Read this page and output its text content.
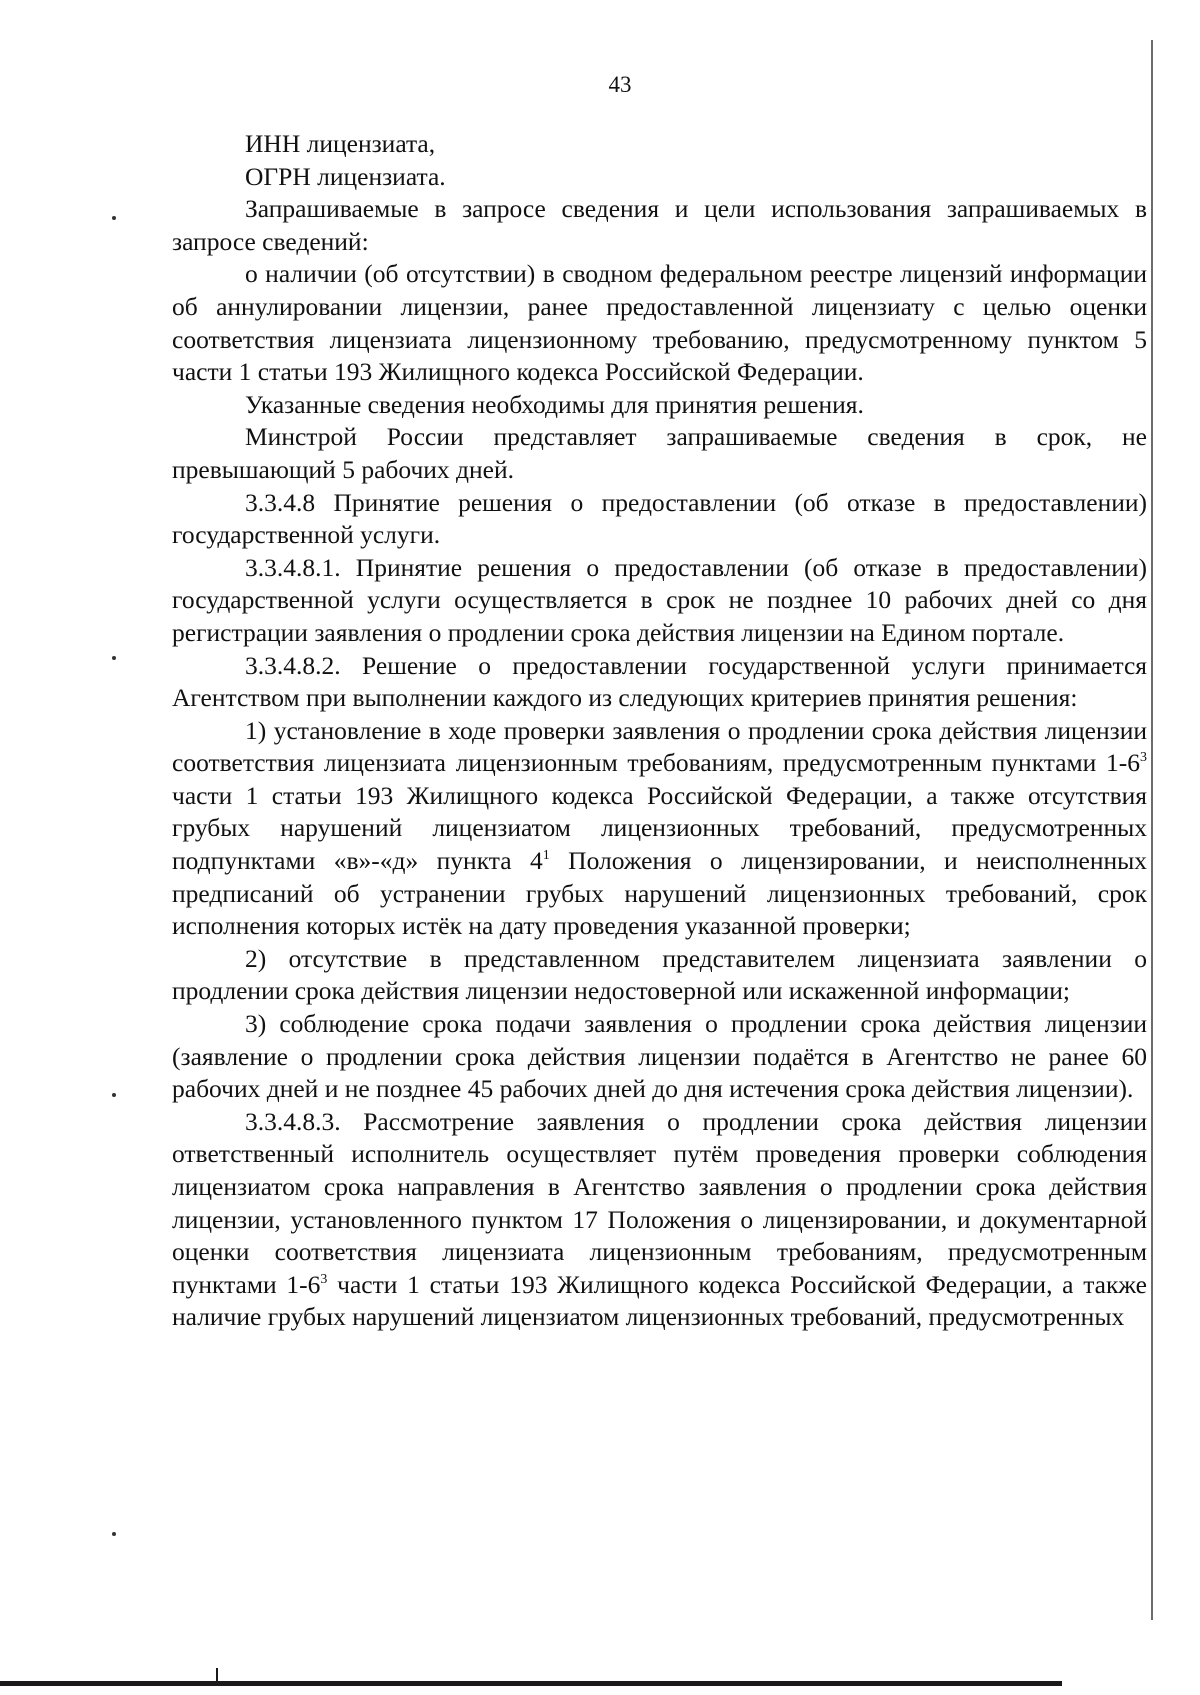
43

ИНН лицензиата,

ОГРН лицензиата.

Запрашиваемые в запросе сведения и цели использования запрашиваемых в запросе сведений:

о наличии (об отсутствии) в сводном федеральном реестре лицензий информации об аннулировании лицензии, ранее предоставленной лицензиату с целью оценки соответствия лицензиата лицензионному требованию, предусмотренному пунктом 5 части 1 статьи 193 Жилищного кодекса Российской Федерации.

Указанные сведения необходимы для принятия решения.

Минстрой России представляет запрашиваемые сведения в срок, не превышающий 5 рабочих дней.

3.3.4.8 Принятие решения о предоставлении (об отказе в предоставлении) государственной услуги.

3.3.4.8.1. Принятие решения о предоставлении (об отказе в предоставлении) государственной услуги осуществляется в срок не позднее 10 рабочих дней со дня регистрации заявления о продлении срока действия лицензии на Едином портале.

3.3.4.8.2. Решение о предоставлении государственной услуги принимается Агентством при выполнении каждого из следующих критериев принятия решения:

1) установление в ходе проверки заявления о продлении срока действия лицензии соответствия лицензиата лицензионным требованиям, предусмотренным пунктами $1-6^3$ части 1 статьи 193 Жилищного кодекса Российской Федерации, а также отсутствия грубых нарушений лицензиатом лицензионных требований, предусмотренных подпунктами «в»-«д» пункта $4^1$ Положения о лицензировании, и неисполненных предписаний об устранении грубых нарушений лицензионных требований, срок исполнения которых истёк на дату проведения указанной проверки;

2) отсутствие в представленном представителем лицензиата заявлении о продлении срока действия лицензии недостоверной или искаженной информации;

3) соблюдение срока подачи заявления о продлении срока действия лицензии (заявление о продлении срока действия лицензии подаётся в Агентство не ранее 60 рабочих дней и не позднее 45 рабочих дней до дня истечения срока действия лицензии).

3.3.4.8.3. Рассмотрение заявления о продлении срока действия лицензии ответственный исполнитель осуществляет путём проведения проверки соблюдения лицензиатом срока направления в Агентство заявления о продлении срока действия лицензии, установленного пунктом 17 Положения о лицензировании, и документарной оценки соответствия лицензиата лицензионным требованиям, предусмотренным пунктами $1-6^3$ части 1 статьи 193 Жилищного кодекса Российской Федерации, а также наличие грубых нарушений лицензиатом лицензионных требований, предусмотренных
